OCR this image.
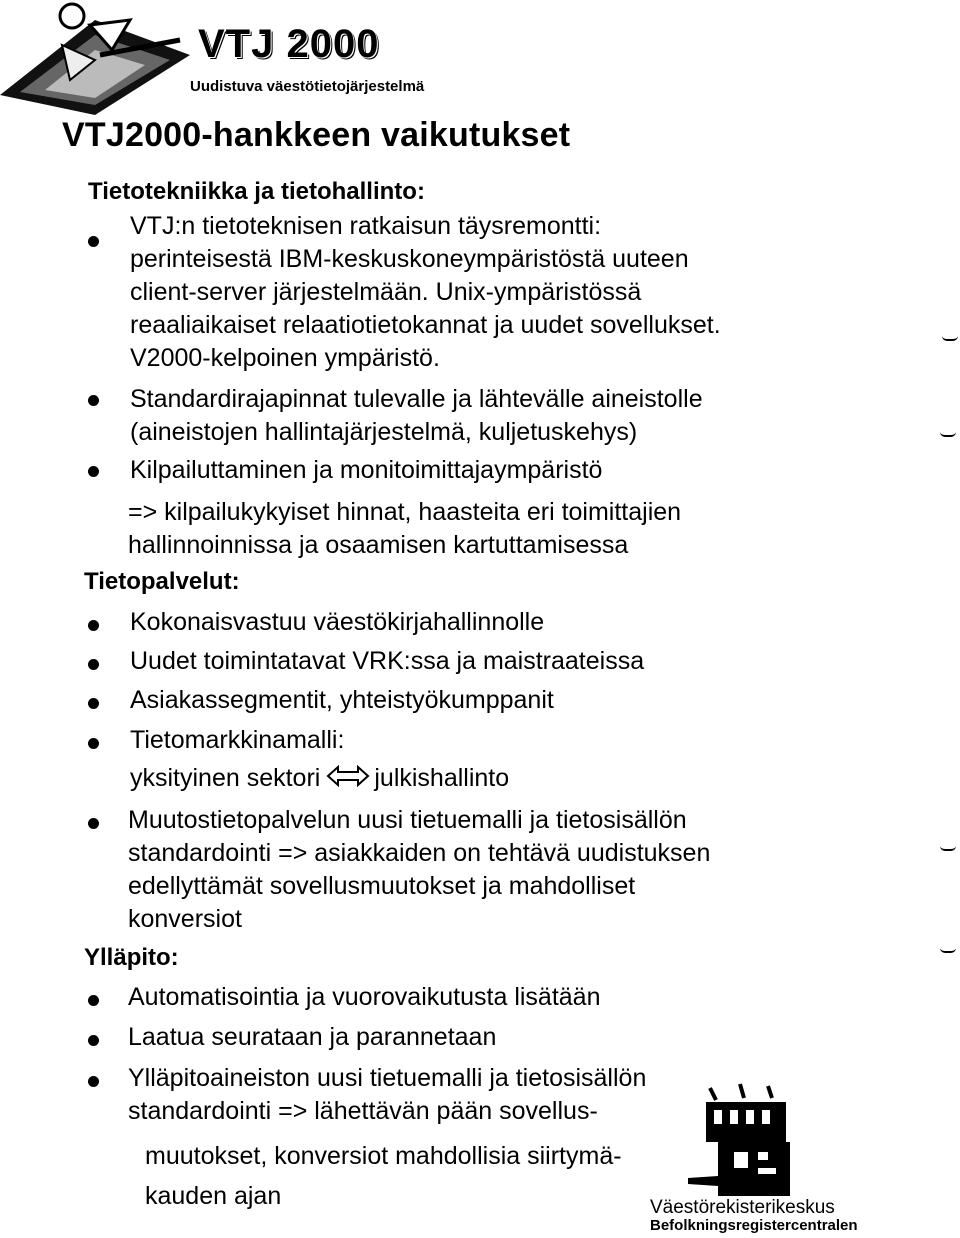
VTJ 2000
Uudistuva väestötietojärjestelmä
VTJ2000-hankkeen vaikutukset
Tietotekniikka ja tietohallinto:
VTJ:n tietoteknisen ratkaisun täysremontti:
perinteisestä IBM-keskuskoneympäristöstä uuteen
client-server järjestelmään. Unix-ympäristössä
reaaliaikaiset relaatiotietokannat ja uudet sovellukset.
V2000-kelpoinen ympäristö.
Standardirajapinnat tulevalle ja lähtevälle aineistolle
(aineistojen hallintajärjestelmä, kuljetuskehys)
Kilpailuttaminen ja monitoimittajaympäristö
=> kilpailukykyiset hinnat, haasteita eri toimittajien
hallinnoinnissa ja osaamisen kartuttamisessa
Tietopalvelut:
Kokonaisvastuu väestökirjahallinnolle
Uudet toimintatavat VRK:ssa ja maistraateissa
Asiakassegmentit, yhteistyökumppanit
Tietomarkkinamalli:
yksityinen sektori julkishallinto
Muutostietopalvelun uusi tietuemalli ja tietosisällön
standardointi => asiakkaiden on tehtävä uudistuksen
edellyttämät sovellusmuutokset ja mahdolliset
konversiot
Ylläpito:
Automatisointia ja vuorovaikutusta lisätään
Laatua seurataan ja parannetaan
Ylläpitoaineiston uusi tietuemalli ja tietosisällön
standardointi => lähettävän pään sovellus-
muutokset, konversiot mahdollisia siirtymä-
kauden ajan	Väestörekisterikeskus
Befolkningsregistercentralen
